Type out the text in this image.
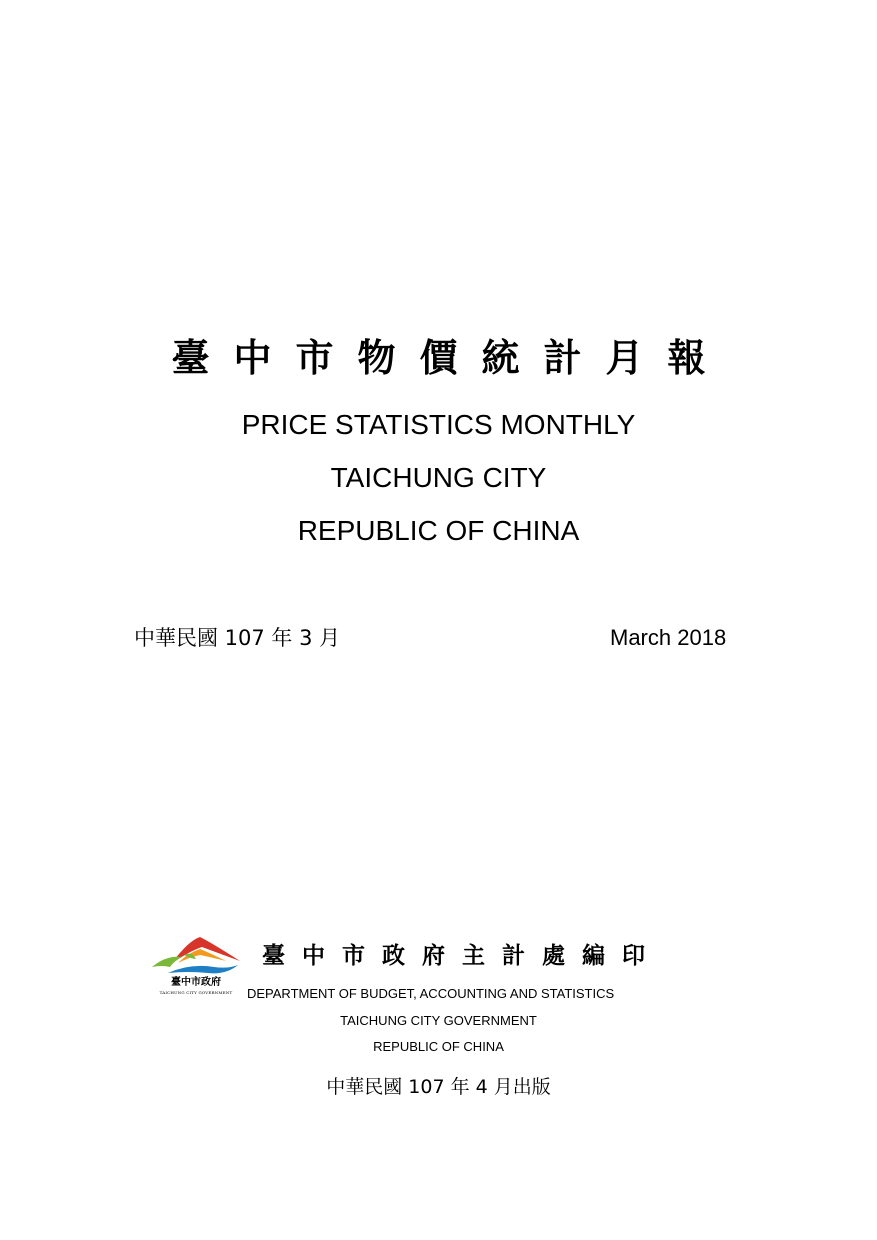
臺中市物價統計月報
PRICE STATISTICS MONTHLY
TAICHUNG CITY
REPUBLIC OF CHINA
中華民國 107 年 3 月	March 2018
臺中市政府
TAICHUNG CITY GOVERNMENT
臺中市政府主計處編印
DEPARTMENT OF BUDGET, ACCOUNTING AND STATISTICS
TAICHUNG CITY GOVERNMENT
REPUBLIC OF CHINA
中華民國 107 年 4 月出版
